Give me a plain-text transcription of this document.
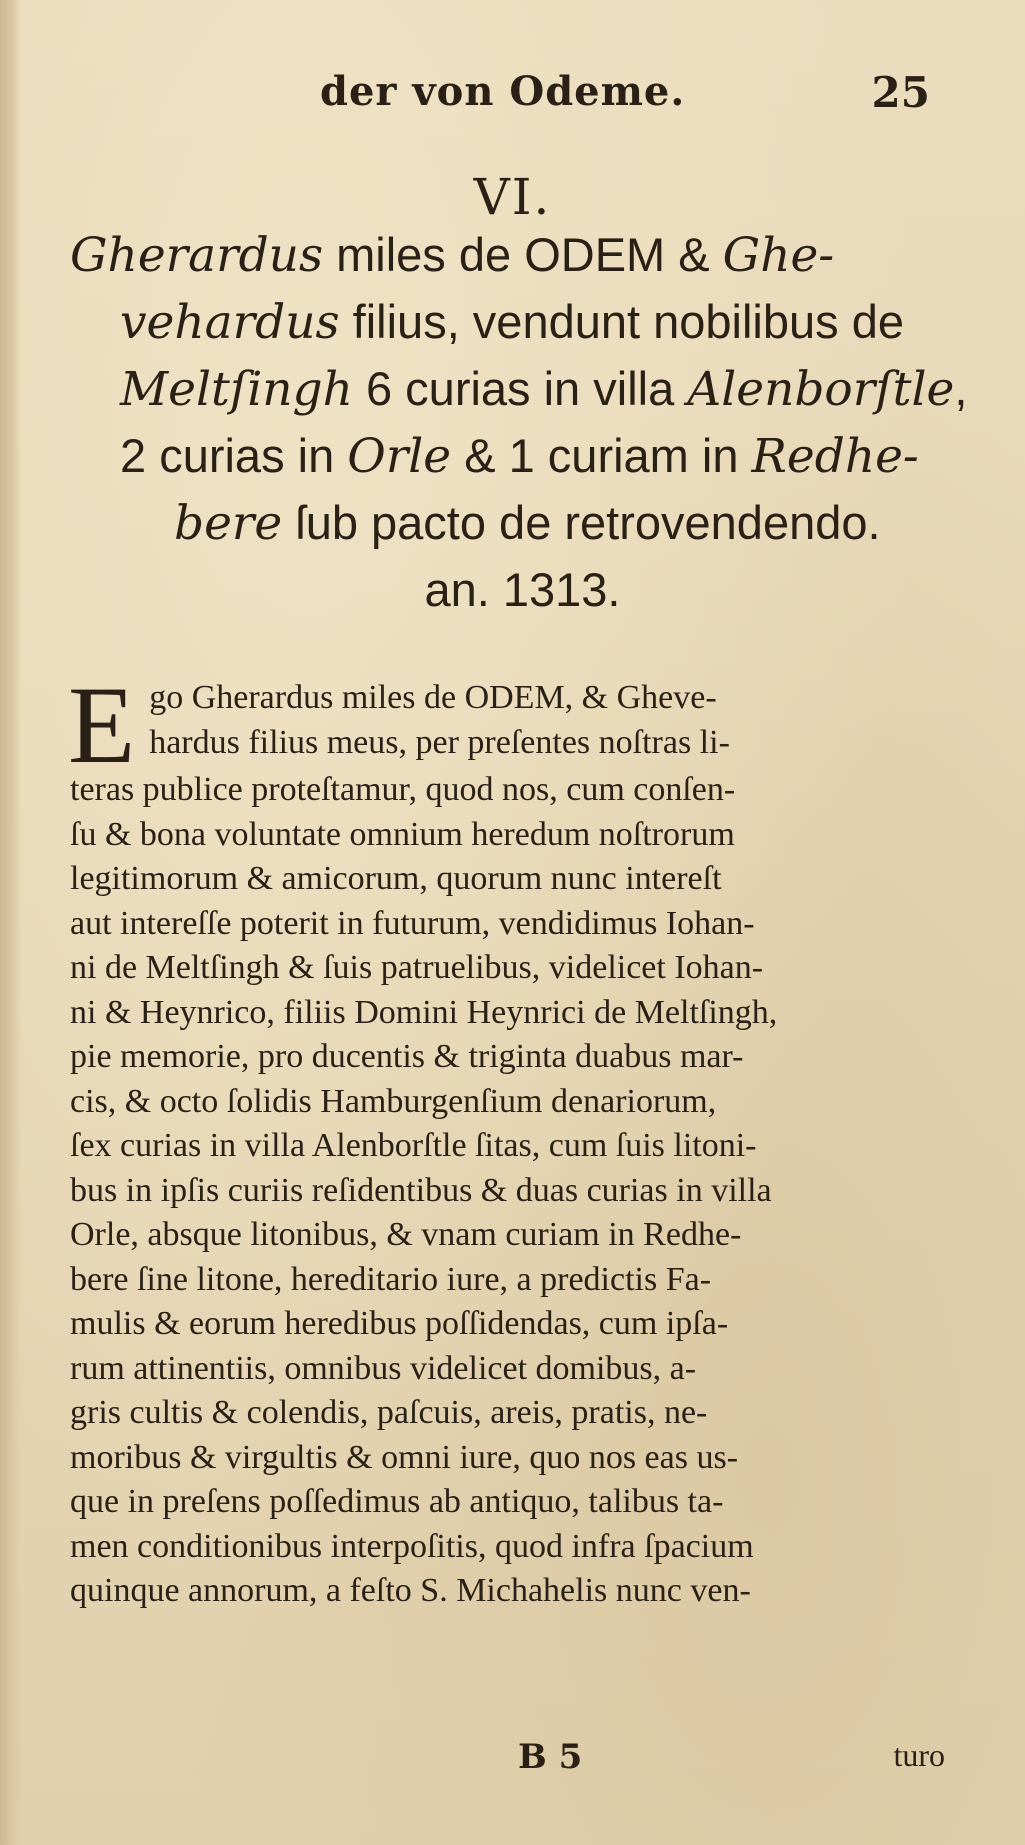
der von Odeme.	25
VI.
Gherardus miles de ODEM & Ghe-
vehardus filius, vendunt nobilibus de
Meltſingh 6 curias in villa Alenborſtle,
2 curias in Orle & 1 curiam in Redhe-
bere ſub pacto de retrovendendo.
an. 1313.
E go Gherardus miles de ODEM, & Gheve-
hardus filius meus, per preſentes noſtras li-
teras publice proteſtamur, quod nos, cum conſen-
ſu & bona voluntate omnium heredum noſtrorum
legitimorum & amicorum, quorum nunc intereſt
aut intereſſe poterit in futurum, vendidimus Iohan-
ni de Meltſingh & ſuis patruelibus, videlicet Iohan-
ni & Heynrico, filiis Domini Heynrici de Meltſingh,
pie memorie, pro ducentis & triginta duabus mar-
cis, & octo ſolidis Hamburgenſium denariorum,
ſex curias in villa Alenborſtle ſitas, cum ſuis litoni-
bus in ipſis curiis reſidentibus & duas curias in villa
Orle, absque litonibus, & vnam curiam in Redhe-
bere ſine litone, hereditario iure, a predictis Fa-
mulis & eorum heredibus poſſidendas, cum ipſa-
rum attinentiis, omnibus videlicet domibus, a-
gris cultis & colendis, paſcuis, areis, pratis, ne-
moribus & virgultis & omni iure, quo nos eas us-
que in preſens poſſedimus ab antiquo, talibus ta-
men conditionibus interpoſitis, quod infra ſpacium
quinque annorum, a feſto S. Michahelis nunc ven-
B 5	turo
